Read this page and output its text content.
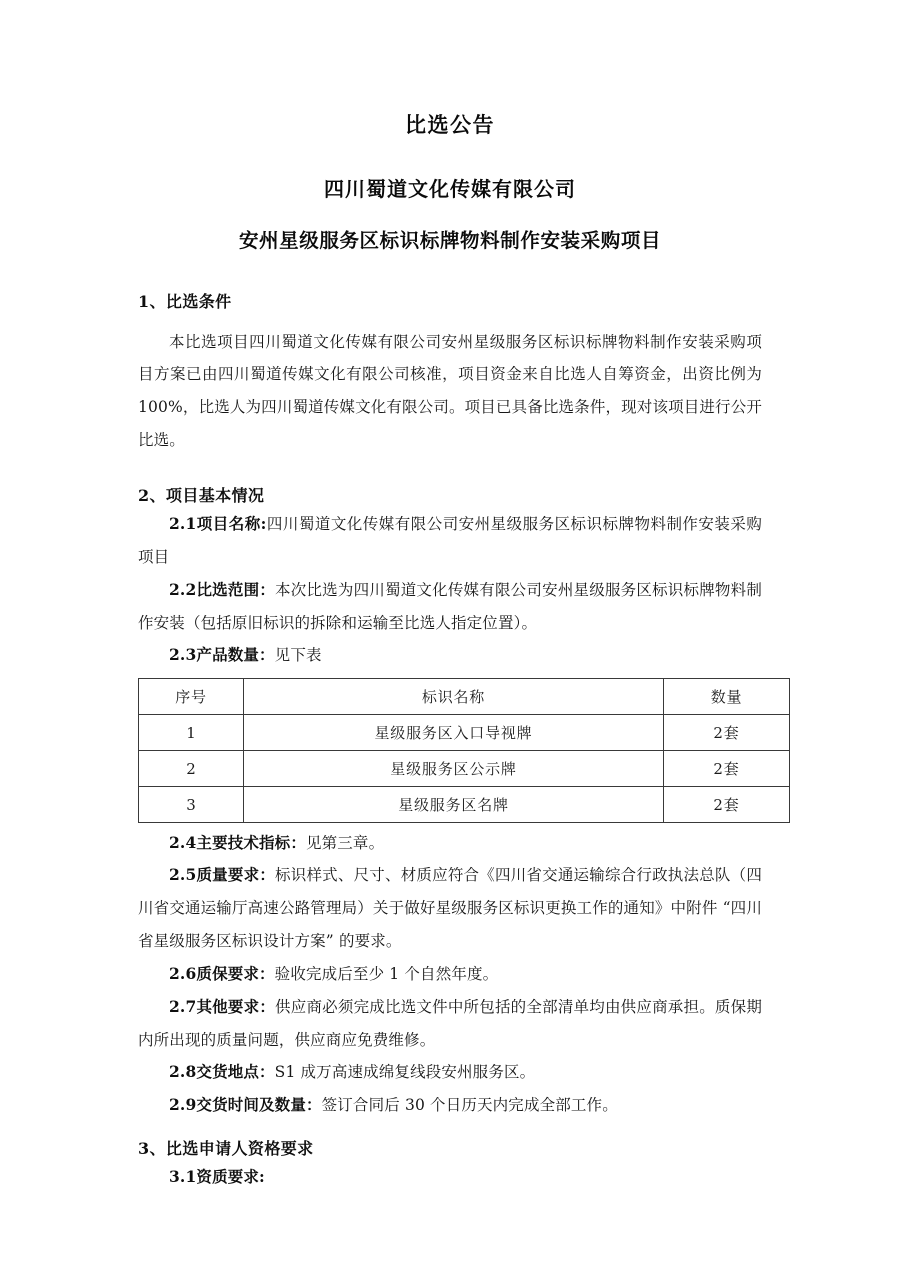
比选公告
四川蜀道文化传媒有限公司
安州星级服务区标识标牌物料制作安装采购项目
1、比选条件

本比选项目四川蜀道文化传媒有限公司安州星级服务区标识标牌物料制作安装采购项目方案已由四川蜀道传媒文化有限公司核准，项目资金来自比选人自筹资金，出资比例为100%，比选人为四川蜀道传媒文化有限公司。项目已具备比选条件，现对该项目进行公开比选。

2、项目基本情况

2.1项目名称:四川蜀道文化传媒有限公司安州星级服务区标识标牌物料制作安装采购项目

2.2比选范围：本次比选为四川蜀道文化传媒有限公司安州星级服务区标识标牌物料制作安装（包括原旧标识的拆除和运输至比选人指定位置）。

2.3产品数量：见下表

序号	标识名称	数量
1	星级服务区入口导视牌	2套
2	星级服务区公示牌	2套
3	星级服务区名牌	2套

2.4主要技术指标：见第三章。

2.5质量要求：标识样式、尺寸、材质应符合《四川省交通运输综合行政执法总队（四川省交通运输厅高速公路管理局）关于做好星级服务区标识更换工作的通知》中附件 “四川省星级服务区标识设计方案” 的要求。

2.6质保要求：验收完成后至少 1 个自然年度。

2.7其他要求：供应商必须完成比选文件中所包括的全部清单均由供应商承担。质保期内所出现的质量问题，供应商应免费维修。

2.8交货地点：S1 成万高速成绵复线段安州服务区。

2.9交货时间及数量：签订合同后 30 个日历天内完成全部工作。

3、比选申请人资格要求

3.1资质要求:
